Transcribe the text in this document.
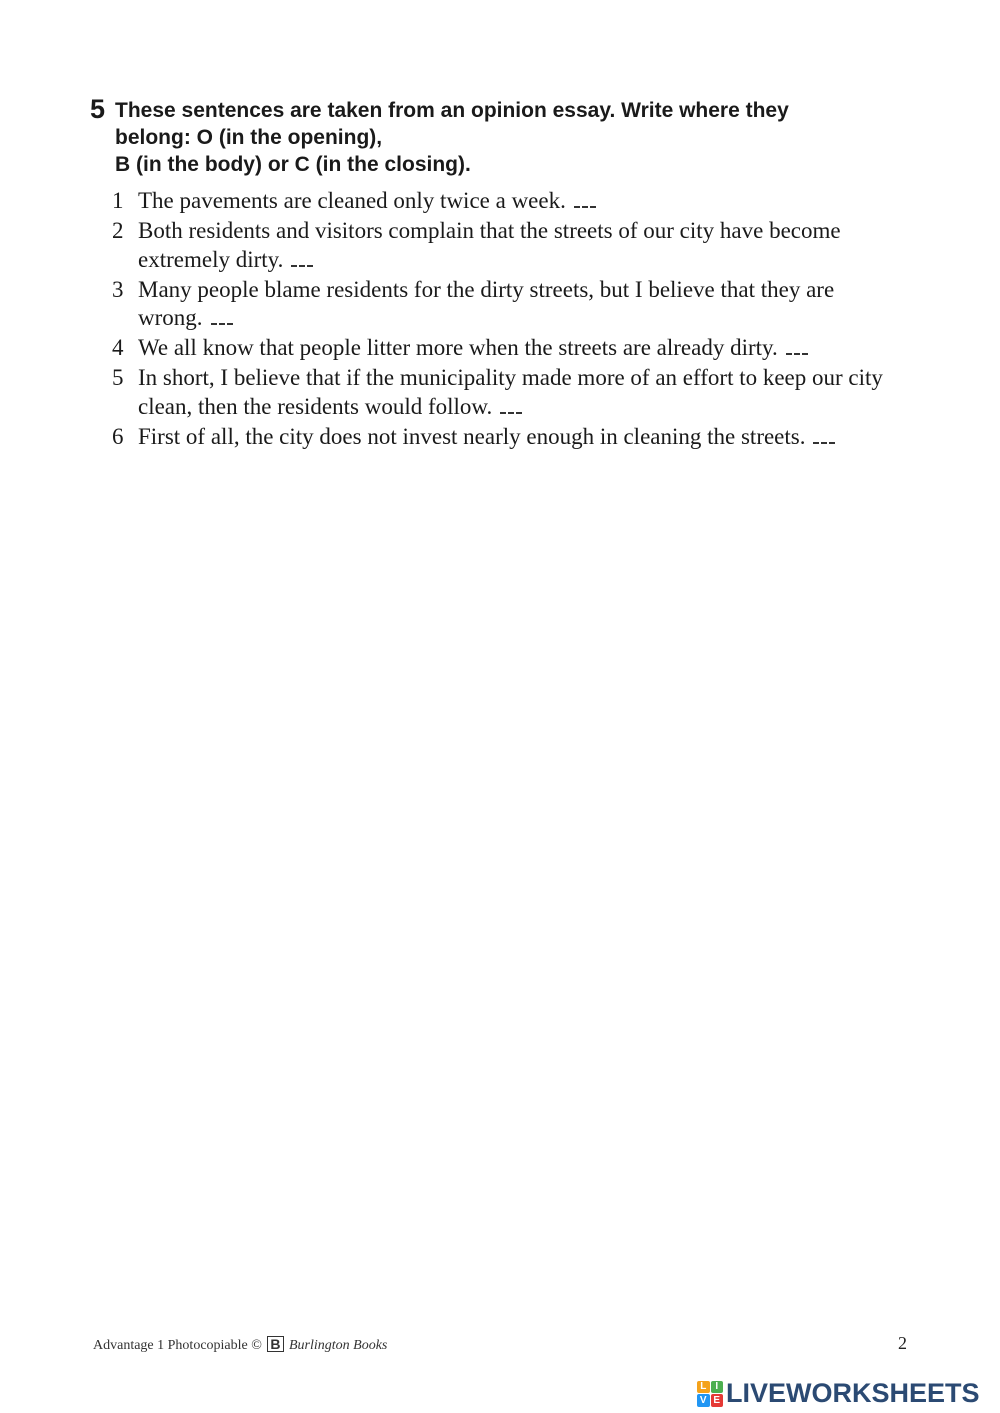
5 These sentences are taken from an opinion essay. Write where they
belong: O (in the opening),
B (in the body) or C (in the closing).
1 The pavements are cleaned only twice a week.
2 Both residents and visitors complain that the streets of our city have become extremely dirty.
3 Many people blame residents for the dirty streets, but I believe that they are wrong.
4 We all know that people litter more when the streets are already dirty.
5 In short, I believe that if the municipality made more of an effort to keep our city clean, then the residents would follow.
6 First of all, the city does not invest nearly enough in cleaning the streets.
Advantage 1 Photocopiable © B Burlington Books	2
L I
V E LIVEWORKSHEETS
